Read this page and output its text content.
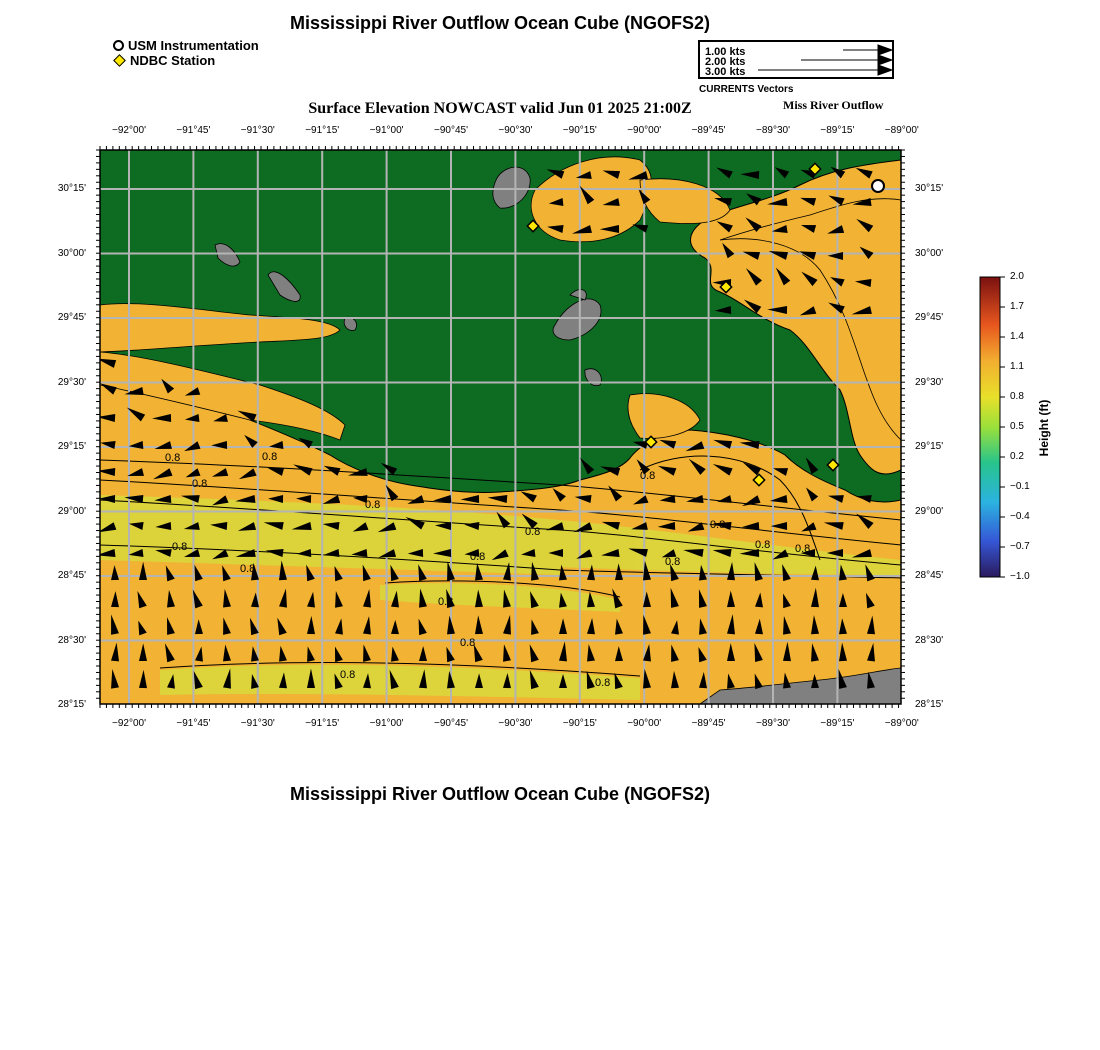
Mississippi River Outflow Ocean Cube (NGOFS2)
USM Instrumentation
NDBC Station
1.00 kts
2.00 kts
3.00 kts
CURRENTS Vectors
Surface Elevation NOWCAST valid Jun 01 2025 21:00Z	Miss River Outflow
0.8
0.8
0.8
0.8
0.8
0.8	0.8
0.8
0.8
0.8 0.8
0.8
0.8
0.8
0.8
0.8
0.8
−92°00'	−91°45'	−91°30'	−91°15'	−91°00'	−90°45'	−90°30'	−90°15'	−90°00'	−89°45'	−89°30'	−89°15'	−89°00'
−92°00'	−91°45'	−91°30'	−91°15'	−91°00'	−90°45'	−90°30'	−90°15'	−90°00'	−89°45'	−89°30'	−89°15'	−89°00'
30°15'
30°00'
29°45'
29°30'
29°15'
29°00'
28°45'
28°30'
28°15'
30°15'
30°00'
29°45'
29°30'
29°15'
29°00'
28°45'
28°30'
28°15'
2.0
1.7
1.4
1.1
0.8
0.5
0.2
−0.1
−0.4
−0.7
−1.0
Height (ft)
Mississippi River Outflow Ocean Cube (NGOFS2)
